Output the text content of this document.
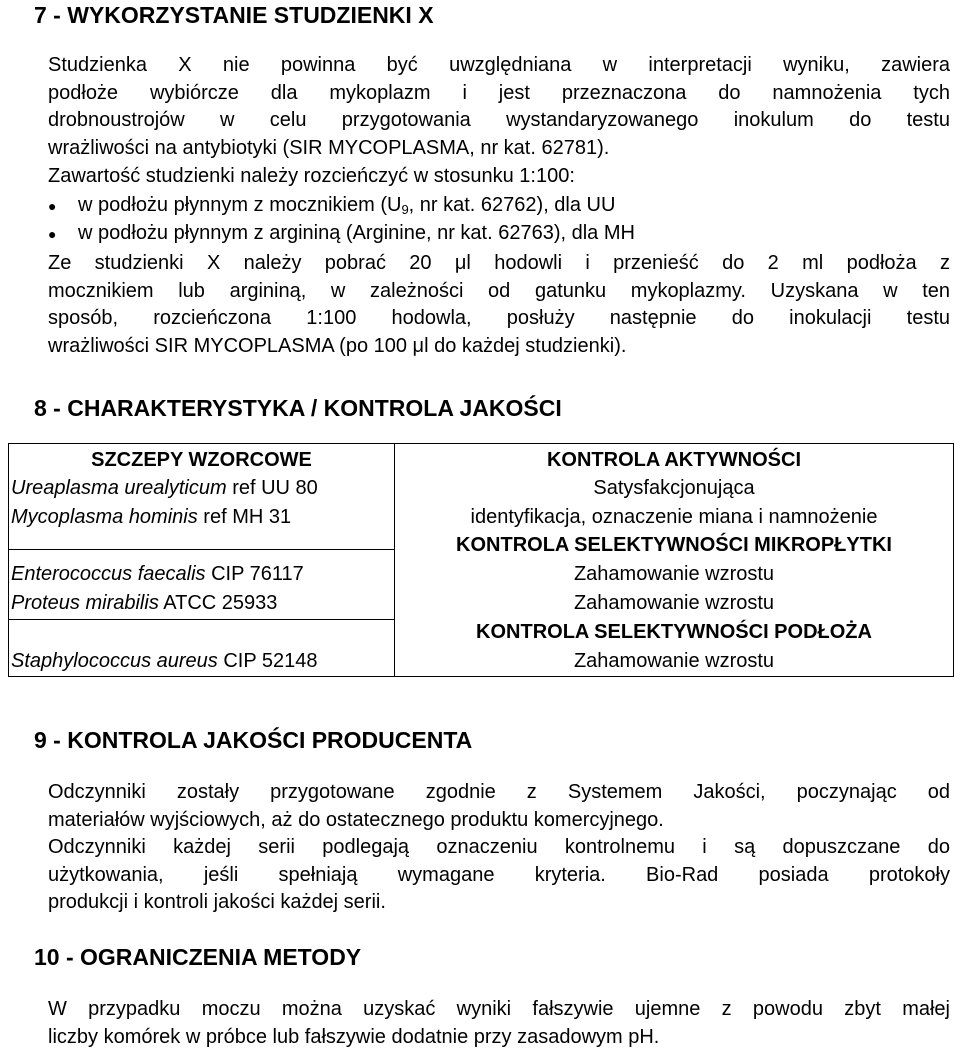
7 - WYKORZYSTANIE STUDZIENKI X
Studzienka X nie powinna być uwzględniana w interpretacji wyniku, zawiera
podłoże wybiórcze dla mykoplazm i jest przeznaczona do namnożenia tych
drobnoustrojów w celu przygotowania wystandaryzowanego inokulum do testu
wrażliwości na antybiotyki (SIR MYCOPLASMA, nr kat. 62781).
Zawartość studzienki należy rozcieńczyć w stosunku 1:100:
● w podłożu płynnym z mocznikiem ($U_9$, nr kat. 62762), dla UU
● w podłożu płynnym z argininą (Arginine, nr kat. 62763), dla MH
Ze studzienki X należy pobrać 20 μl hodowli i przenieść do 2 ml podłoża z
mocznikiem lub argininą, w zależności od gatunku mykoplazmy. Uzyskana w ten
sposób, rozcieńczona 1:100 hodowla, posłuży następnie do inokulacji testu
wrażliwości SIR MYCOPLASMA (po 100 μl do każdej studzienki).
8 - CHARAKTERYSTYKA / KONTROLA JAKOŚCI
SZCZEPY WZORCOWE
Ureaplasma urealyticum ref UU 80
Mycoplasma hominis ref MH 31
Enterococcus faecalis CIP 76117
Proteus mirabilis ATCC 25933
Staphylococcus aureus CIP 52148
KONTROLA AKTYWNOŚCI
Satysfakcjonująca
identyfikacja, oznaczenie miana i namnożenie
KONTROLA SELEKTYWNOŚCI MIKROPŁYTKI
Zahamowanie wzrostu
Zahamowanie wzrostu
KONTROLA SELEKTYWNOŚCI PODŁOŻA
Zahamowanie wzrostu
9 - KONTROLA JAKOŚCI PRODUCENTA
Odczynniki zostały przygotowane zgodnie z Systemem Jakości, poczynając od
materiałów wyjściowych, aż do ostatecznego produktu komercyjnego.
Odczynniki każdej serii podlegają oznaczeniu kontrolnemu i są dopuszczane do
użytkowania, jeśli spełniają wymagane kryteria. Bio-Rad posiada protokoły
produkcji i kontroli jakości każdej serii.
10 - OGRANICZENIA METODY
W przypadku moczu można uzyskać wyniki fałszywie ujemne z powodu zbyt małej
liczby komórek w próbce lub fałszywie dodatnie przy zasadowym pH.
